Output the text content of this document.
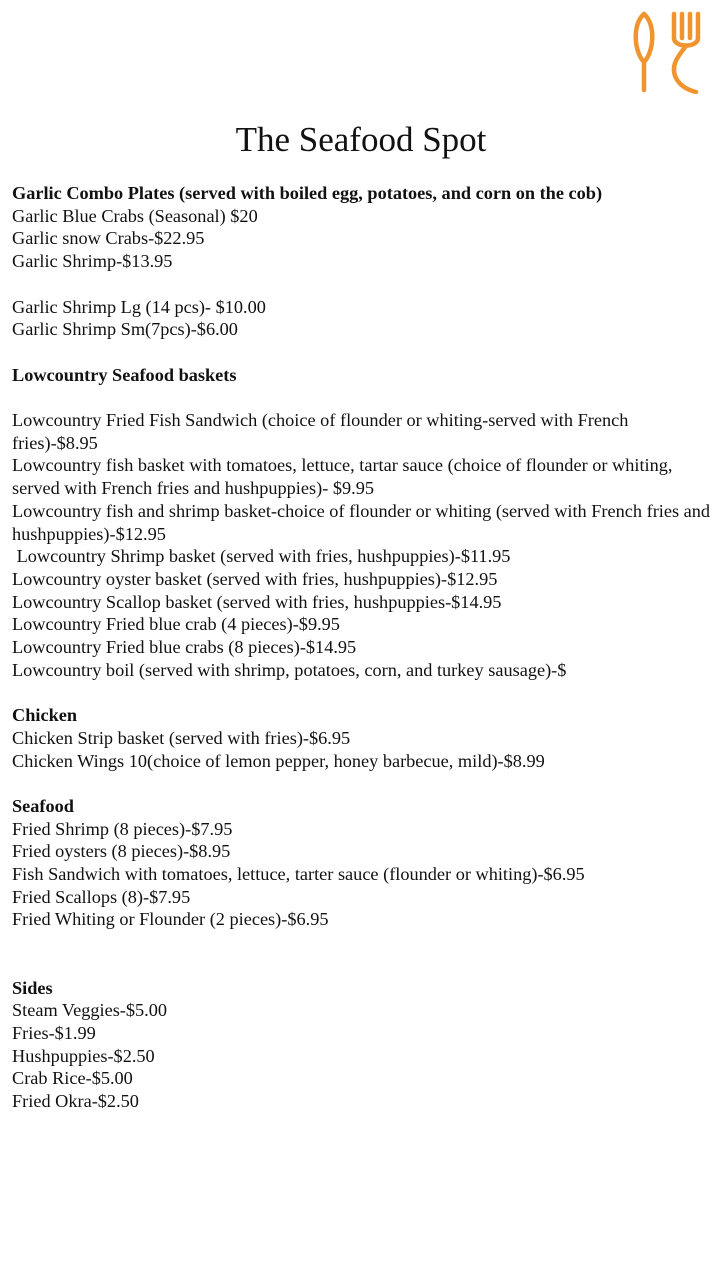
The Seafood Spot
Garlic Combo Plates (served with boiled egg, potatoes, and corn on the cob)
Garlic Blue Crabs (Seasonal) $20
Garlic snow Crabs-$22.95
Garlic Shrimp-$13.95
Garlic Shrimp Lg (14 pcs)- $10.00
Garlic Shrimp Sm(7pcs)-$6.00
Lowcountry Seafood baskets
Lowcountry Fried Fish Sandwich (choice of flounder or whiting-served with French fries)-$8.95
Lowcountry fish basket with tomatoes, lettuce, tartar sauce (choice of flounder or whiting, served with French fries and hushpuppies)- $9.95
Lowcountry fish and shrimp basket-choice of flounder or whiting (served with French fries and hushpuppies)-$12.95
Lowcountry Shrimp basket (served with fries, hushpuppies)-$11.95
Lowcountry oyster basket (served with fries, hushpuppies)-$12.95
Lowcountry Scallop basket (served with fries, hushpuppies-$14.95
Lowcountry Fried blue crab (4 pieces)-$9.95
Lowcountry Fried blue crabs (8 pieces)-$14.95
Lowcountry boil (served with shrimp, potatoes, corn, and turkey sausage)-$
Chicken
Chicken Strip basket (served with fries)-$6.95
Chicken Wings 10(choice of lemon pepper, honey barbecue, mild)-$8.99
Seafood
Fried Shrimp (8 pieces)-$7.95
Fried oysters (8 pieces)-$8.95
Fish Sandwich with tomatoes, lettuce, tarter sauce (flounder or whiting)-$6.95
Fried Scallops (8)-$7.95
Fried Whiting or Flounder (2 pieces)-$6.95
Sides
Steam Veggies-$5.00
Fries-$1.99
Hushpuppies-$2.50
Crab Rice-$5.00
Fried Okra-$2.50
